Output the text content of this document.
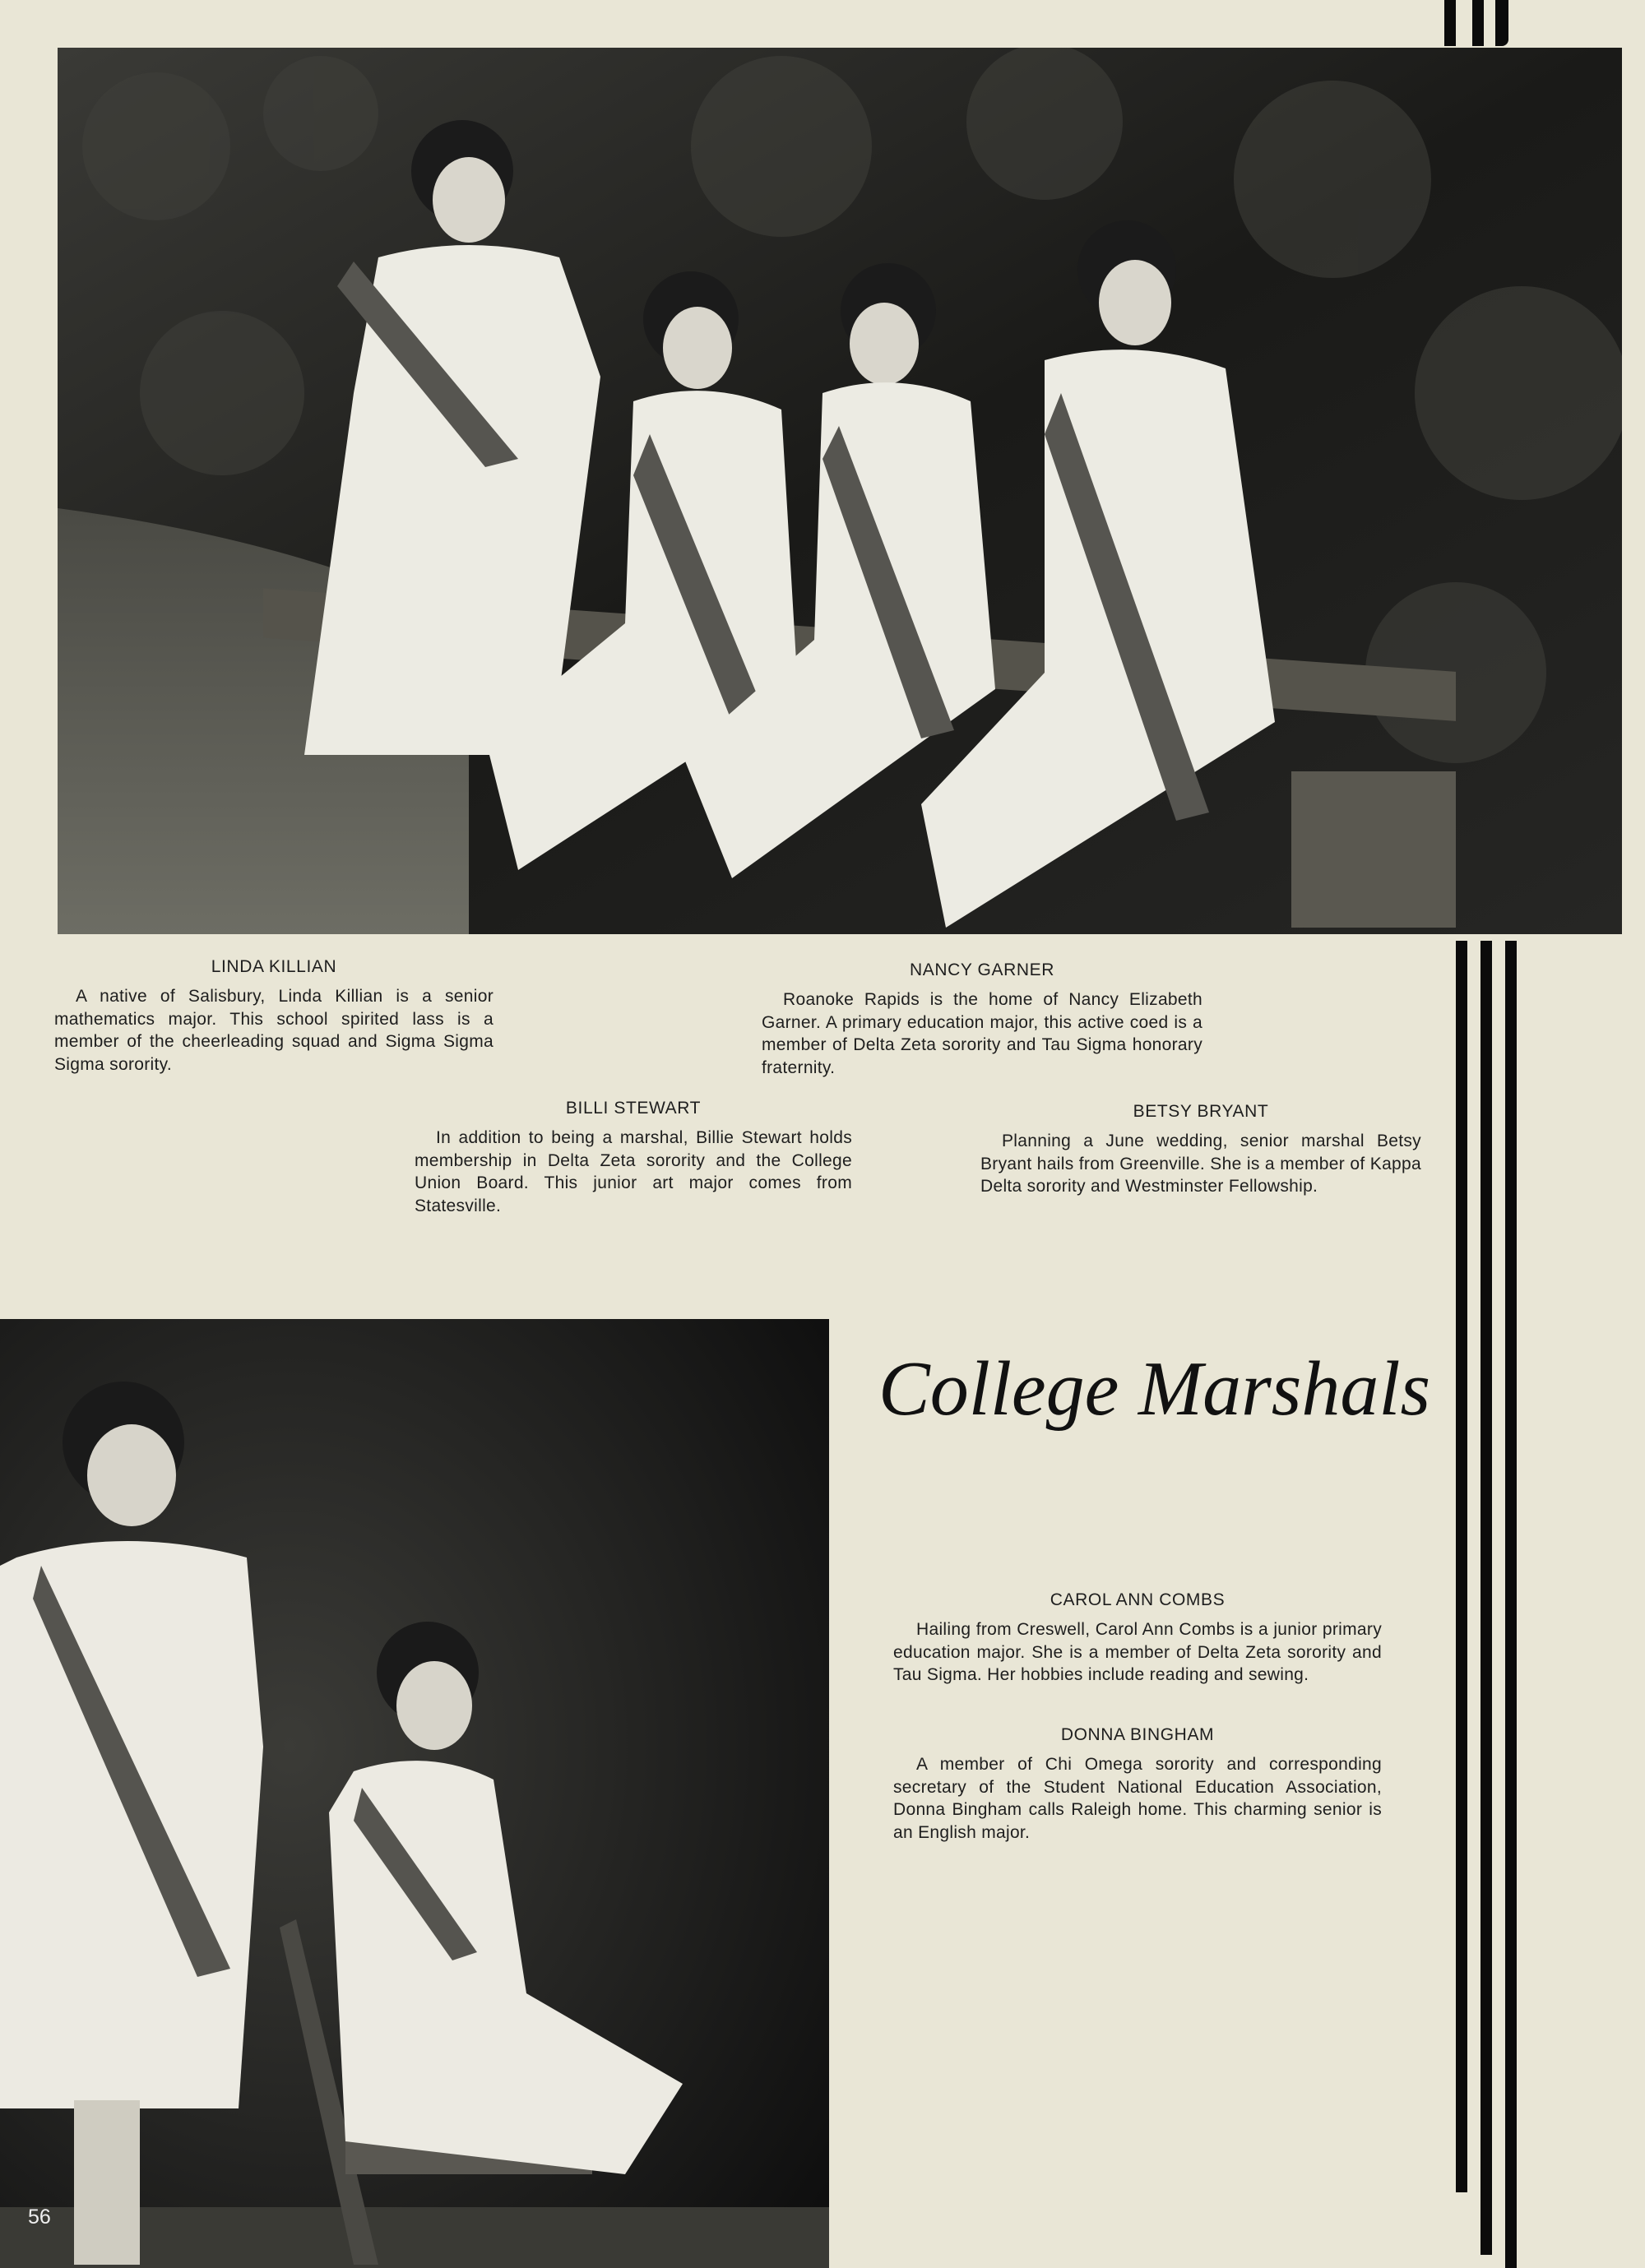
LINDA KILLIAN
A native of Salisbury, Linda Killian is a senior mathematics major. This school spirited lass is a member of the cheerleading squad and Sigma Sigma Sigma sorority.
NANCY GARNER
Roanoke Rapids is the home of Nancy Elizabeth Garner. A primary education major, this active coed is a member of Delta Zeta sorority and Tau Sigma honorary fraternity.
BILLI STEWART
In addition to being a marshal, Billie Stewart holds membership in Delta Zeta sorority and the College Union Board. This junior art major comes from Statesville.
BETSY BRYANT
Planning a June wedding, senior marshal Betsy Bryant hails from Greenville. She is a member of Kappa Delta sorority and Westminster Fellowship.
College Marshals
CAROL ANN COMBS
Hailing from Creswell, Carol Ann Combs is a junior primary education major. She is a member of Delta Zeta sorority and Tau Sigma. Her hobbies include reading and sewing.
DONNA BINGHAM
A member of Chi Omega sorority and corresponding secretary of the Student National Education Association, Donna Bingham calls Raleigh home. This charming senior is an English major.
56
